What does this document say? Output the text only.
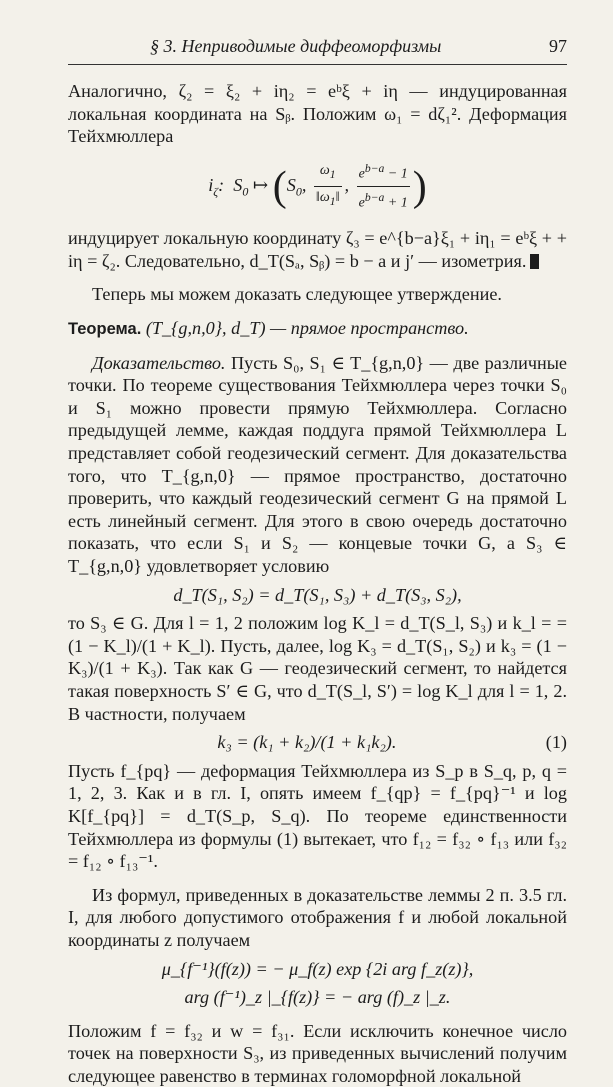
§ 3. Неприводимые диффеоморфизмы	97

Аналогично, ζ₂ = ξ₂ + iη₂ = eᵇξ + iη — индуцированная локальная координата на Sᵦ. Положим ω₁ = dζ₁². Деформация Тейхмюллера

$i_\zeta$:  $S_0$ ↦ ($S_0$, $\frac{\omega_1}{‖\omega_1‖}$ , $\frac{e^{b-a} - 1}{e^{b-a} + 1}$ )

индуцирует локальную координату ζ₃ = e^{b−a}ξ₁ + iη₁ = eᵇξ + + iη = ζ₂. Следовательно, d_T(Sₐ, Sᵦ) = b − a и j′ — изометрия.

Теперь мы можем доказать следующее утверждение.

Теорема. (T_{g,n,0}, d_T) — прямое пространство.

Доказательство. Пусть S₀, S₁ ∈ T_{g,n,0} — две различные точки. По теореме существования Тейхмюллера через точки S₀ и S₁ можно провести прямую Тейхмюллера. Согласно предыдущей лемме, каждая поддуга прямой Тейхмюллера L представляет собой геодезический сегмент. Для доказательства того, что T_{g,n,0} — прямое пространство, достаточно проверить, что каждый геодезический сегмент G на прямой L есть линейный сегмент. Для этого в свою очередь достаточно показать, что если S₁ и S₂ — концевые точки G, а S₃ ∈ T_{g,n,0} удовлетворяет условию

d_T(S₁, S₂) = d_T(S₁, S₃) + d_T(S₃, S₂),

то S₃ ∈ G. Для l = 1, 2 положим log K_l = d_T(S_l, S₃) и k_l = = (1 − K_l)/(1 + K_l). Пусть, далее, log K₃ = d_T(S₁, S₂) и k₃ = (1 − K₃)/(1 + K₃). Так как G — геодезический сегмент, то найдется такая поверхность S′ ∈ G, что d_T(S_l, S′) = log K_l для l = 1, 2. В частности, получаем

k₃ = (k₁ + k₂)/(1 + k₁k₂).	(1)

Пусть f_{pq} — деформация Тейхмюллера из S_p в S_q, p, q = 1, 2, 3. Как и в гл. I, опять имеем f_{qp} = f_{pq}⁻¹ и log K[f_{pq}] = d_T(S_p, S_q). По теореме единственности Тейхмюллера из формулы (1) вытекает, что f₁₂ = f₃₂ ∘ f₁₃ или f₃₂ = f₁₂ ∘ f₁₃⁻¹.

Из формул, приведенных в доказательстве леммы 2 п. 3.5 гл. I, для любого допустимого отображения f и любой локальной координаты z получаем

μ_{f⁻¹}(f(z)) = − μ_f(z) exp {2i arg f_z(z)},
arg (f⁻¹)_z |_{f(z)} = − arg (f)_z |_z.

Положим f = f₃₂ и w = f₃₁. Если исключить конечное число точек на поверхности S₃, из приведенных вычислений получим следующее равенство в терминах голоморфной локальной
